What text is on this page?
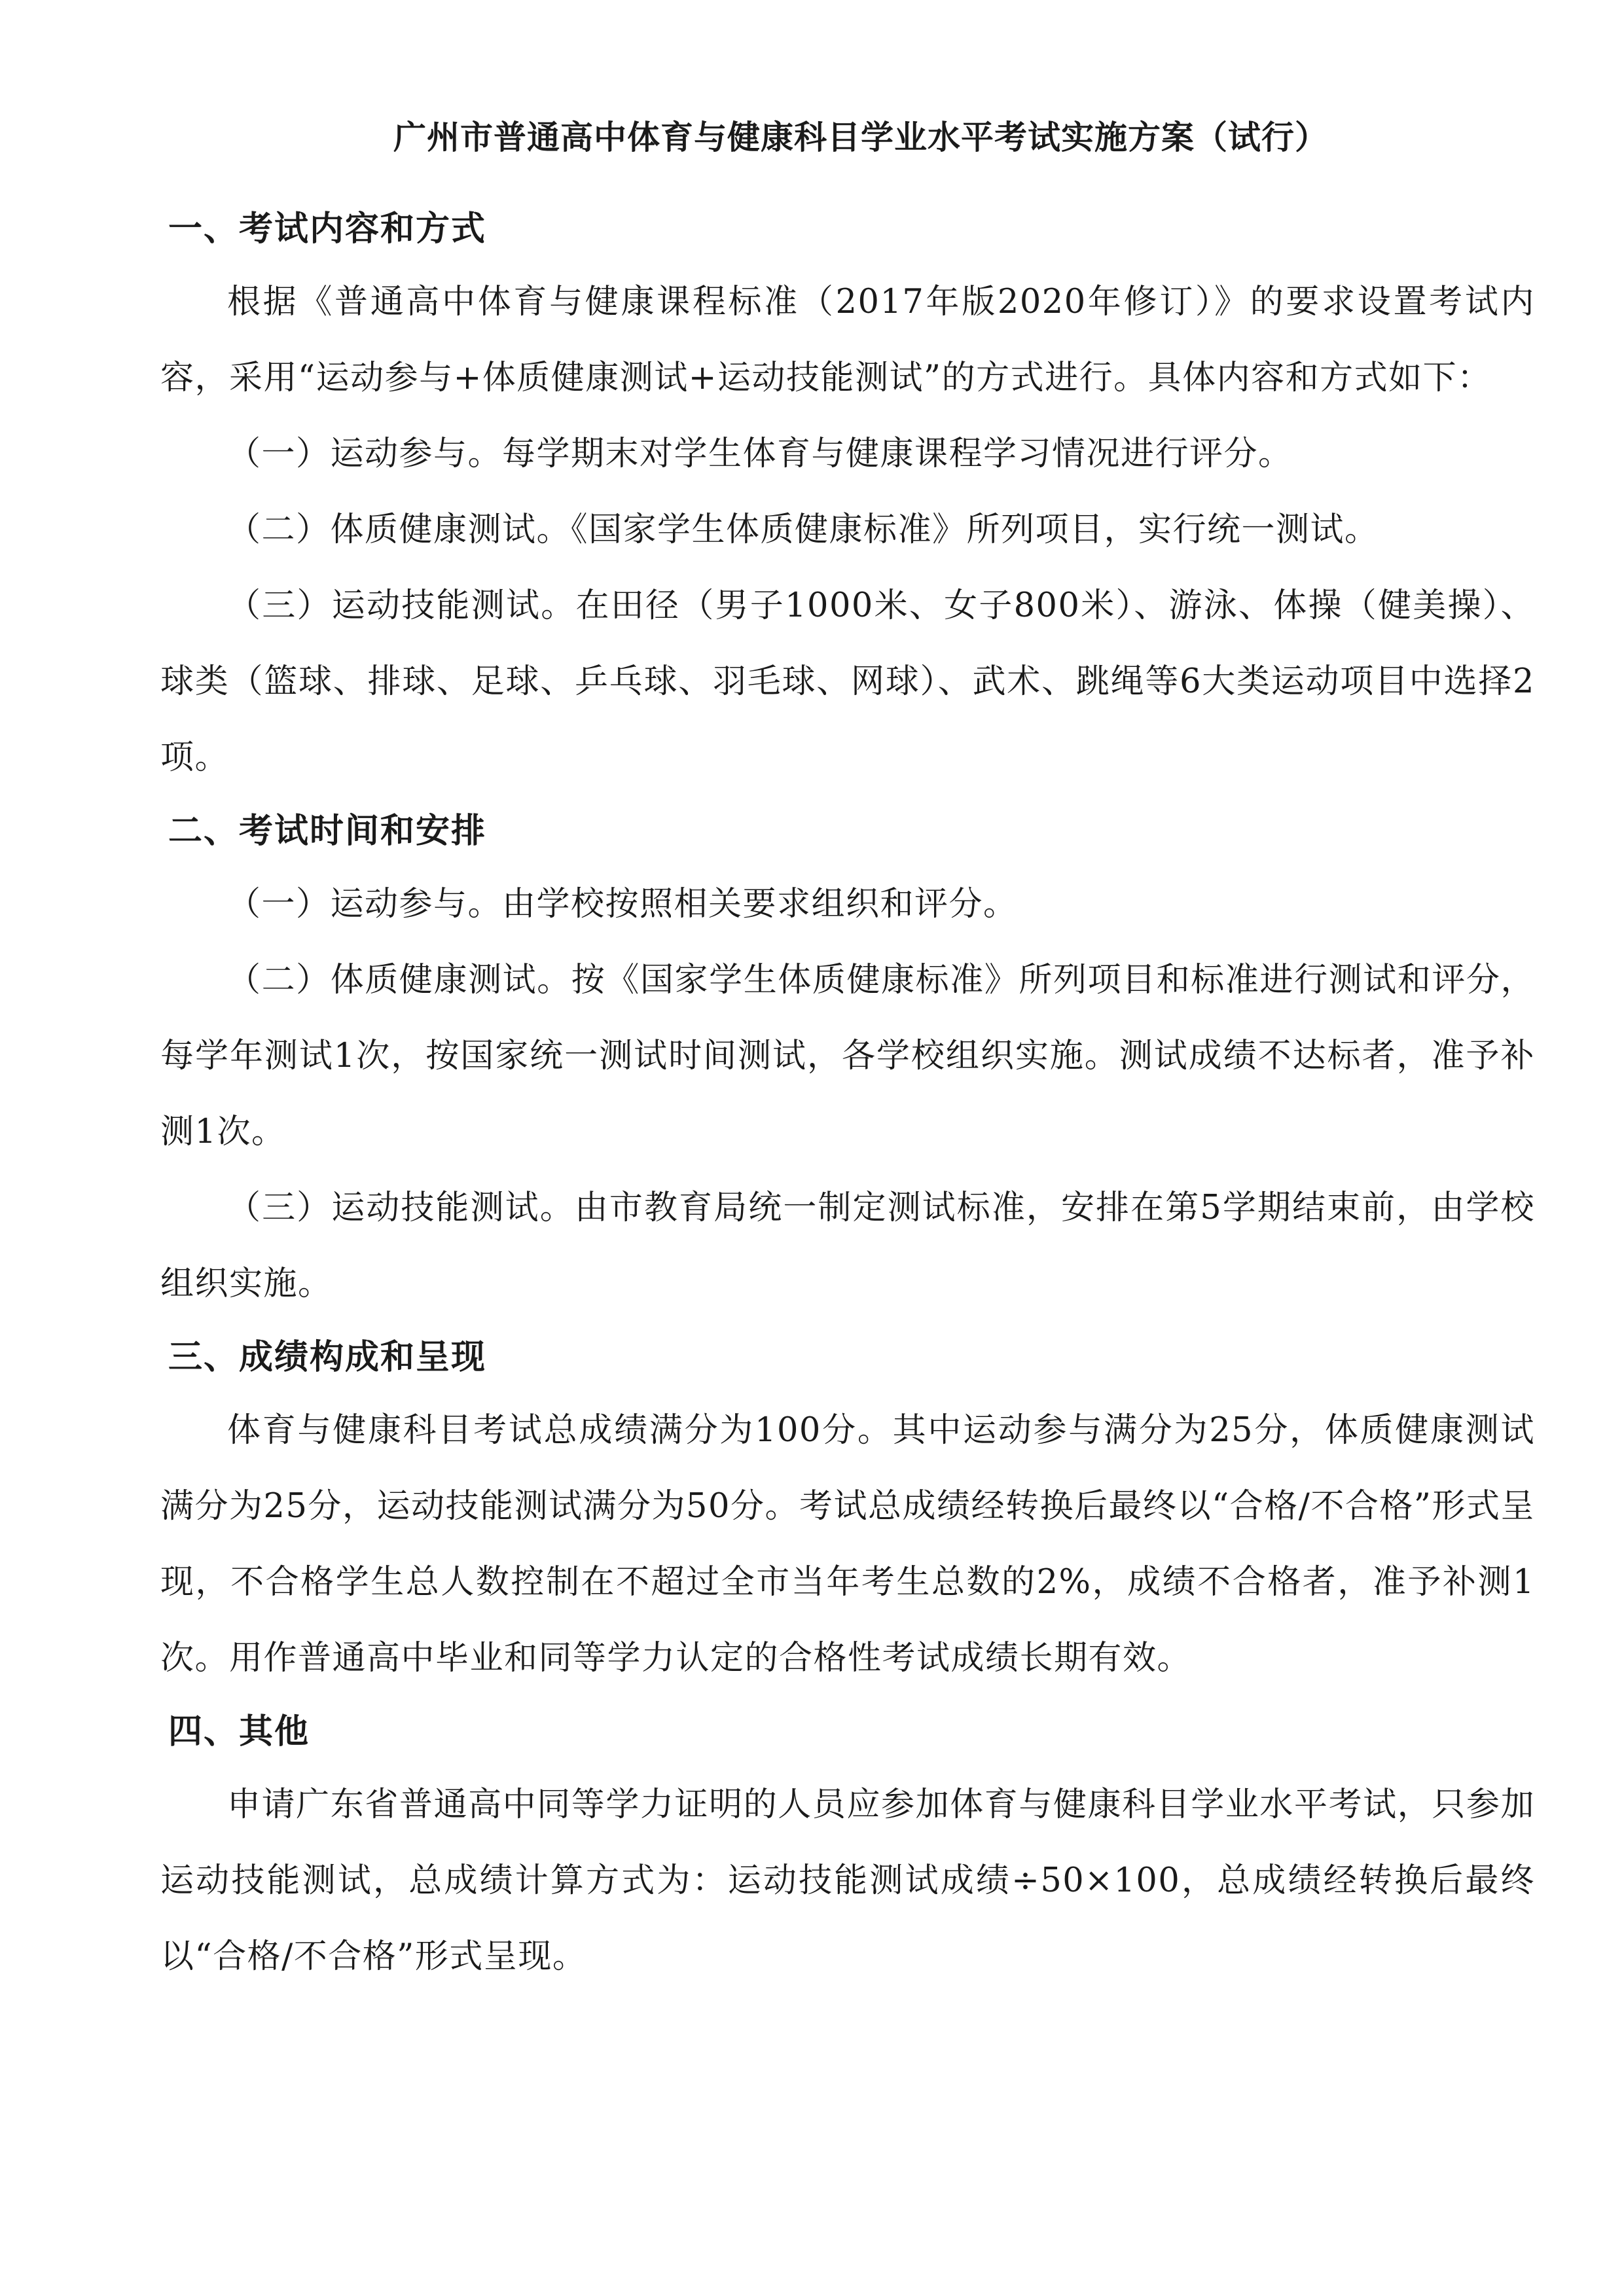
广州市普通高中体育与健康科目学业水平考试实施方案（试行）
一、考试内容和方式

根据《普通高中体育与健康课程标准（2017年版2020年修订）》的要求设置考试内容，采用“运动参与+体质健康测试+运动技能测试”的方式进行。具体内容和方式如下：

（一）运动参与。每学期末对学生体育与健康课程学习情况进行评分。

（二）体质健康测试。《国家学生体质健康标准》所列项目，实行统一测试。

（三）运动技能测试。在田径（男子1000米、女子800米）、游泳、体操（健美操）、球类（篮球、排球、足球、乒乓球、羽毛球、网球）、武术、跳绳等6大类运动项目中选择2项。

二、考试时间和安排

（一）运动参与。由学校按照相关要求组织和评分。

（二）体质健康测试。按《国家学生体质健康标准》所列项目和标准进行测试和评分，每学年测试1次，按国家统一测试时间测试，各学校组织实施。测试成绩不达标者，准予补测1次。

（三）运动技能测试。由市教育局统一制定测试标准，安排在第5学期结束前，由学校组织实施。

三、成绩构成和呈现

体育与健康科目考试总成绩满分为100分。其中运动参与满分为25分，体质健康测试满分为25分，运动技能测试满分为50分。考试总成绩经转换后最终以“合格/不合格”形式呈现，不合格学生总人数控制在不超过全市当年考生总数的2%，成绩不合格者，准予补测1次。用作普通高中毕业和同等学力认定的合格性考试成绩长期有效。

四、其他

申请广东省普通高中同等学力证明的人员应参加体育与健康科目学业水平考试，只参加运动技能测试，总成绩计算方式为：运动技能测试成绩÷50×100，总成绩经转换后最终以“合格/不合格”形式呈现。
